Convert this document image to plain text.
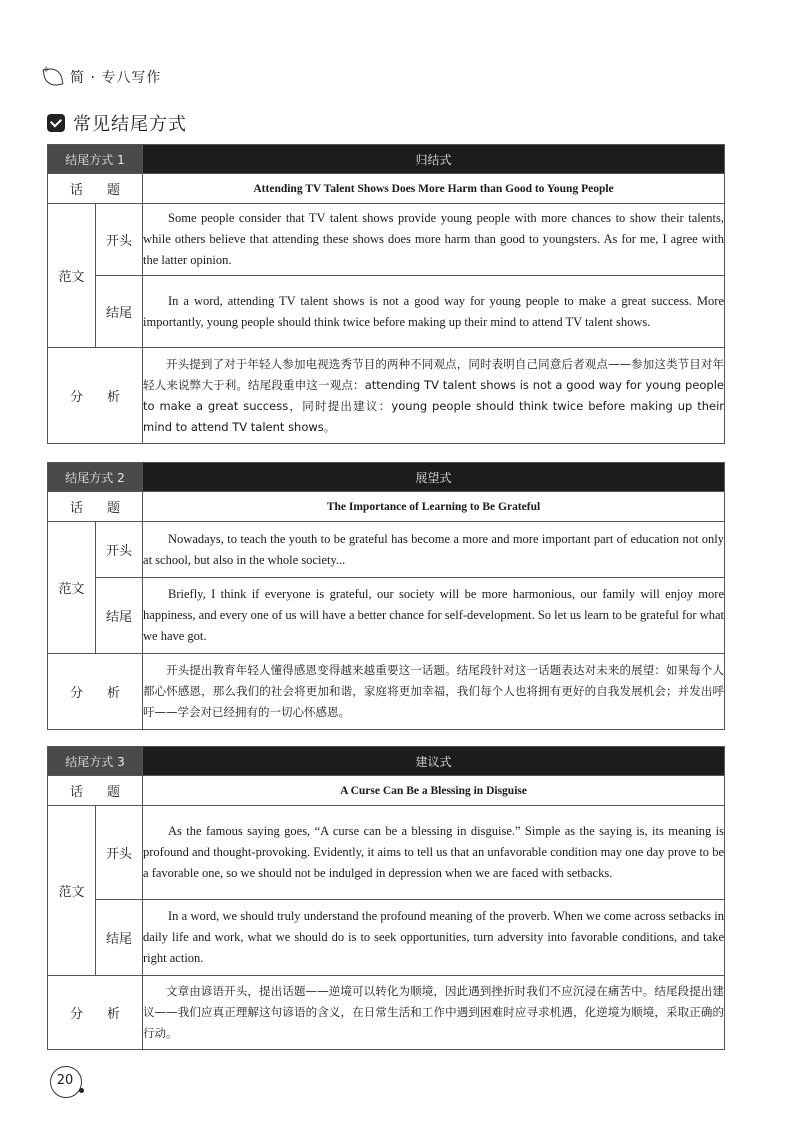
✧ 简 · 专八写作
常见结尾方式
结尾方式 1		归结式

话 题		Attending TV Talent Shows Does More Harm than Good to Young People
范文	开头	Some people consider that TV talent shows provide young people with more chances to show their talents, while others believe that attending these shows does more harm than good to youngsters. As for me, I agree with the latter opinion.
	结尾	In a word, attending TV talent shows is not a good way for young people to make a great success. More importantly, young people should think twice before making up their mind to attend TV talent shows.

分 析		开头提到了对于年轻人参加电视选秀节目的两种不同观点，同时表明自己同意后者观点——参加这类节目对年轻人来说弊大于利。结尾段重申这一观点：attending TV talent shows is not a good way for young people to make a great success，同时提出建议：young people should think twice before making up their mind to attend TV talent shows。
结尾方式 2		展望式

话 题		The Importance of Learning to Be Grateful
范文	开头	Nowadays, to teach the youth to be grateful has become a more and more important part of education not only at school, but also in the whole society...
	结尾	Briefly, I think if everyone is grateful, our society will be more harmonious, our family will enjoy more happiness, and every one of us will have a better chance for self-development. So let us learn to be grateful for what we have got.

分 析		开头提出教育年轻人懂得感恩变得越来越重要这一话题。结尾段针对这一话题表达对未来的展望：如果每个人都心怀感恩，那么我们的社会将更加和谐，家庭将更加幸福，我们每个人也将拥有更好的自我发展机会；并发出呼吁——学会对已经拥有的一切心怀感恩。
结尾方式 3		建议式

话 题		A Curse Can Be a Blessing in Disguise
范文	开头	As the famous saying goes, “A curse can be a blessing in disguise.” Simple as the saying is, its meaning is profound and thought-provoking. Evidently, it aims to tell us that an unfavorable condition may one day prove to be a favorable one, so we should not be indulged in depression when we are faced with setbacks.
	结尾	In a word, we should truly understand the profound meaning of the proverb. When we come across setbacks in daily life and work, what we should do is to seek opportunities, turn adversity into favorable conditions, and take right action.

分 析		文章由谚语开头，提出话题——逆境可以转化为顺境，因此遇到挫折时我们不应沉浸在痛苦中。结尾段提出建议——我们应真正理解这句谚语的含义，在日常生活和工作中遇到困难时应寻求机遇，化逆境为顺境，采取正确的行动。
20
